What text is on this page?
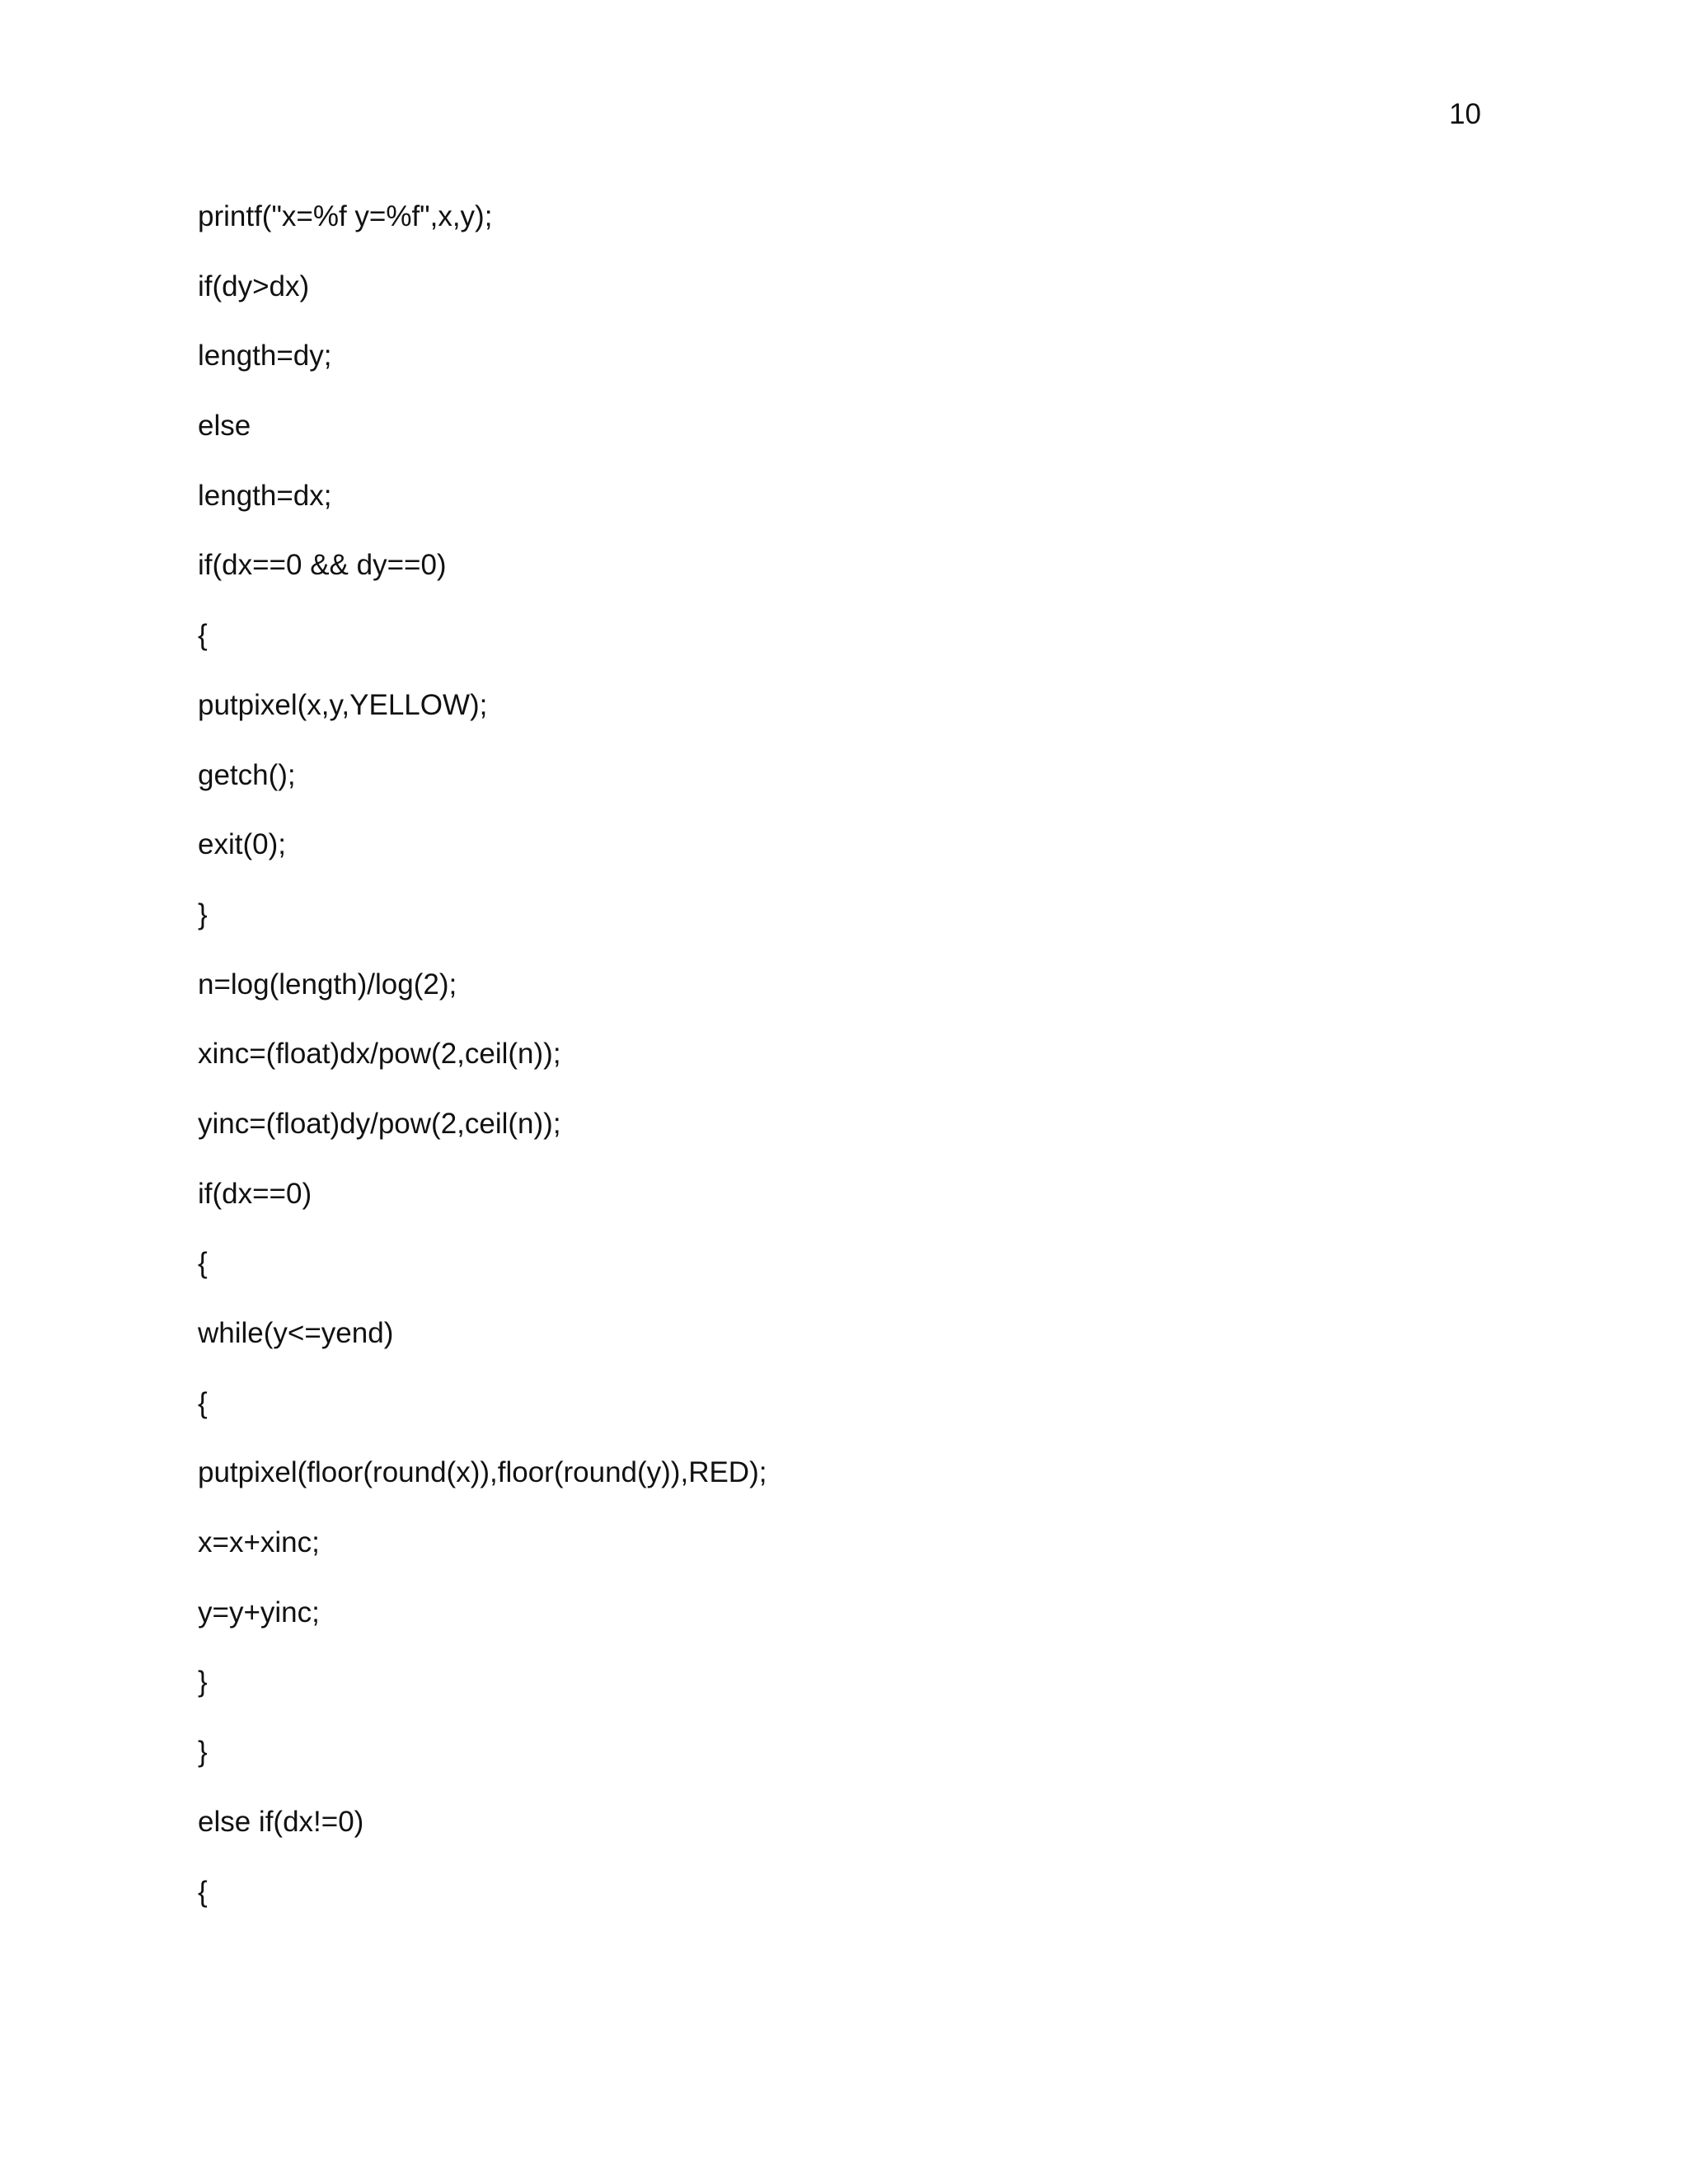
10
printf("x=%f y=%f",x,y);
if(dy>dx)
length=dy;
else
length=dx;
if(dx==0 && dy==0)
{
putpixel(x,y,YELLOW);
getch();
exit(0);
}
n=log(length)/log(2);
xinc=(float)dx/pow(2,ceil(n));
yinc=(float)dy/pow(2,ceil(n));
if(dx==0)
{
while(y<=yend)
{
putpixel(floor(round(x)),floor(round(y)),RED);
x=x+xinc;
y=y+yinc;
}
}
else if(dx!=0)
{
